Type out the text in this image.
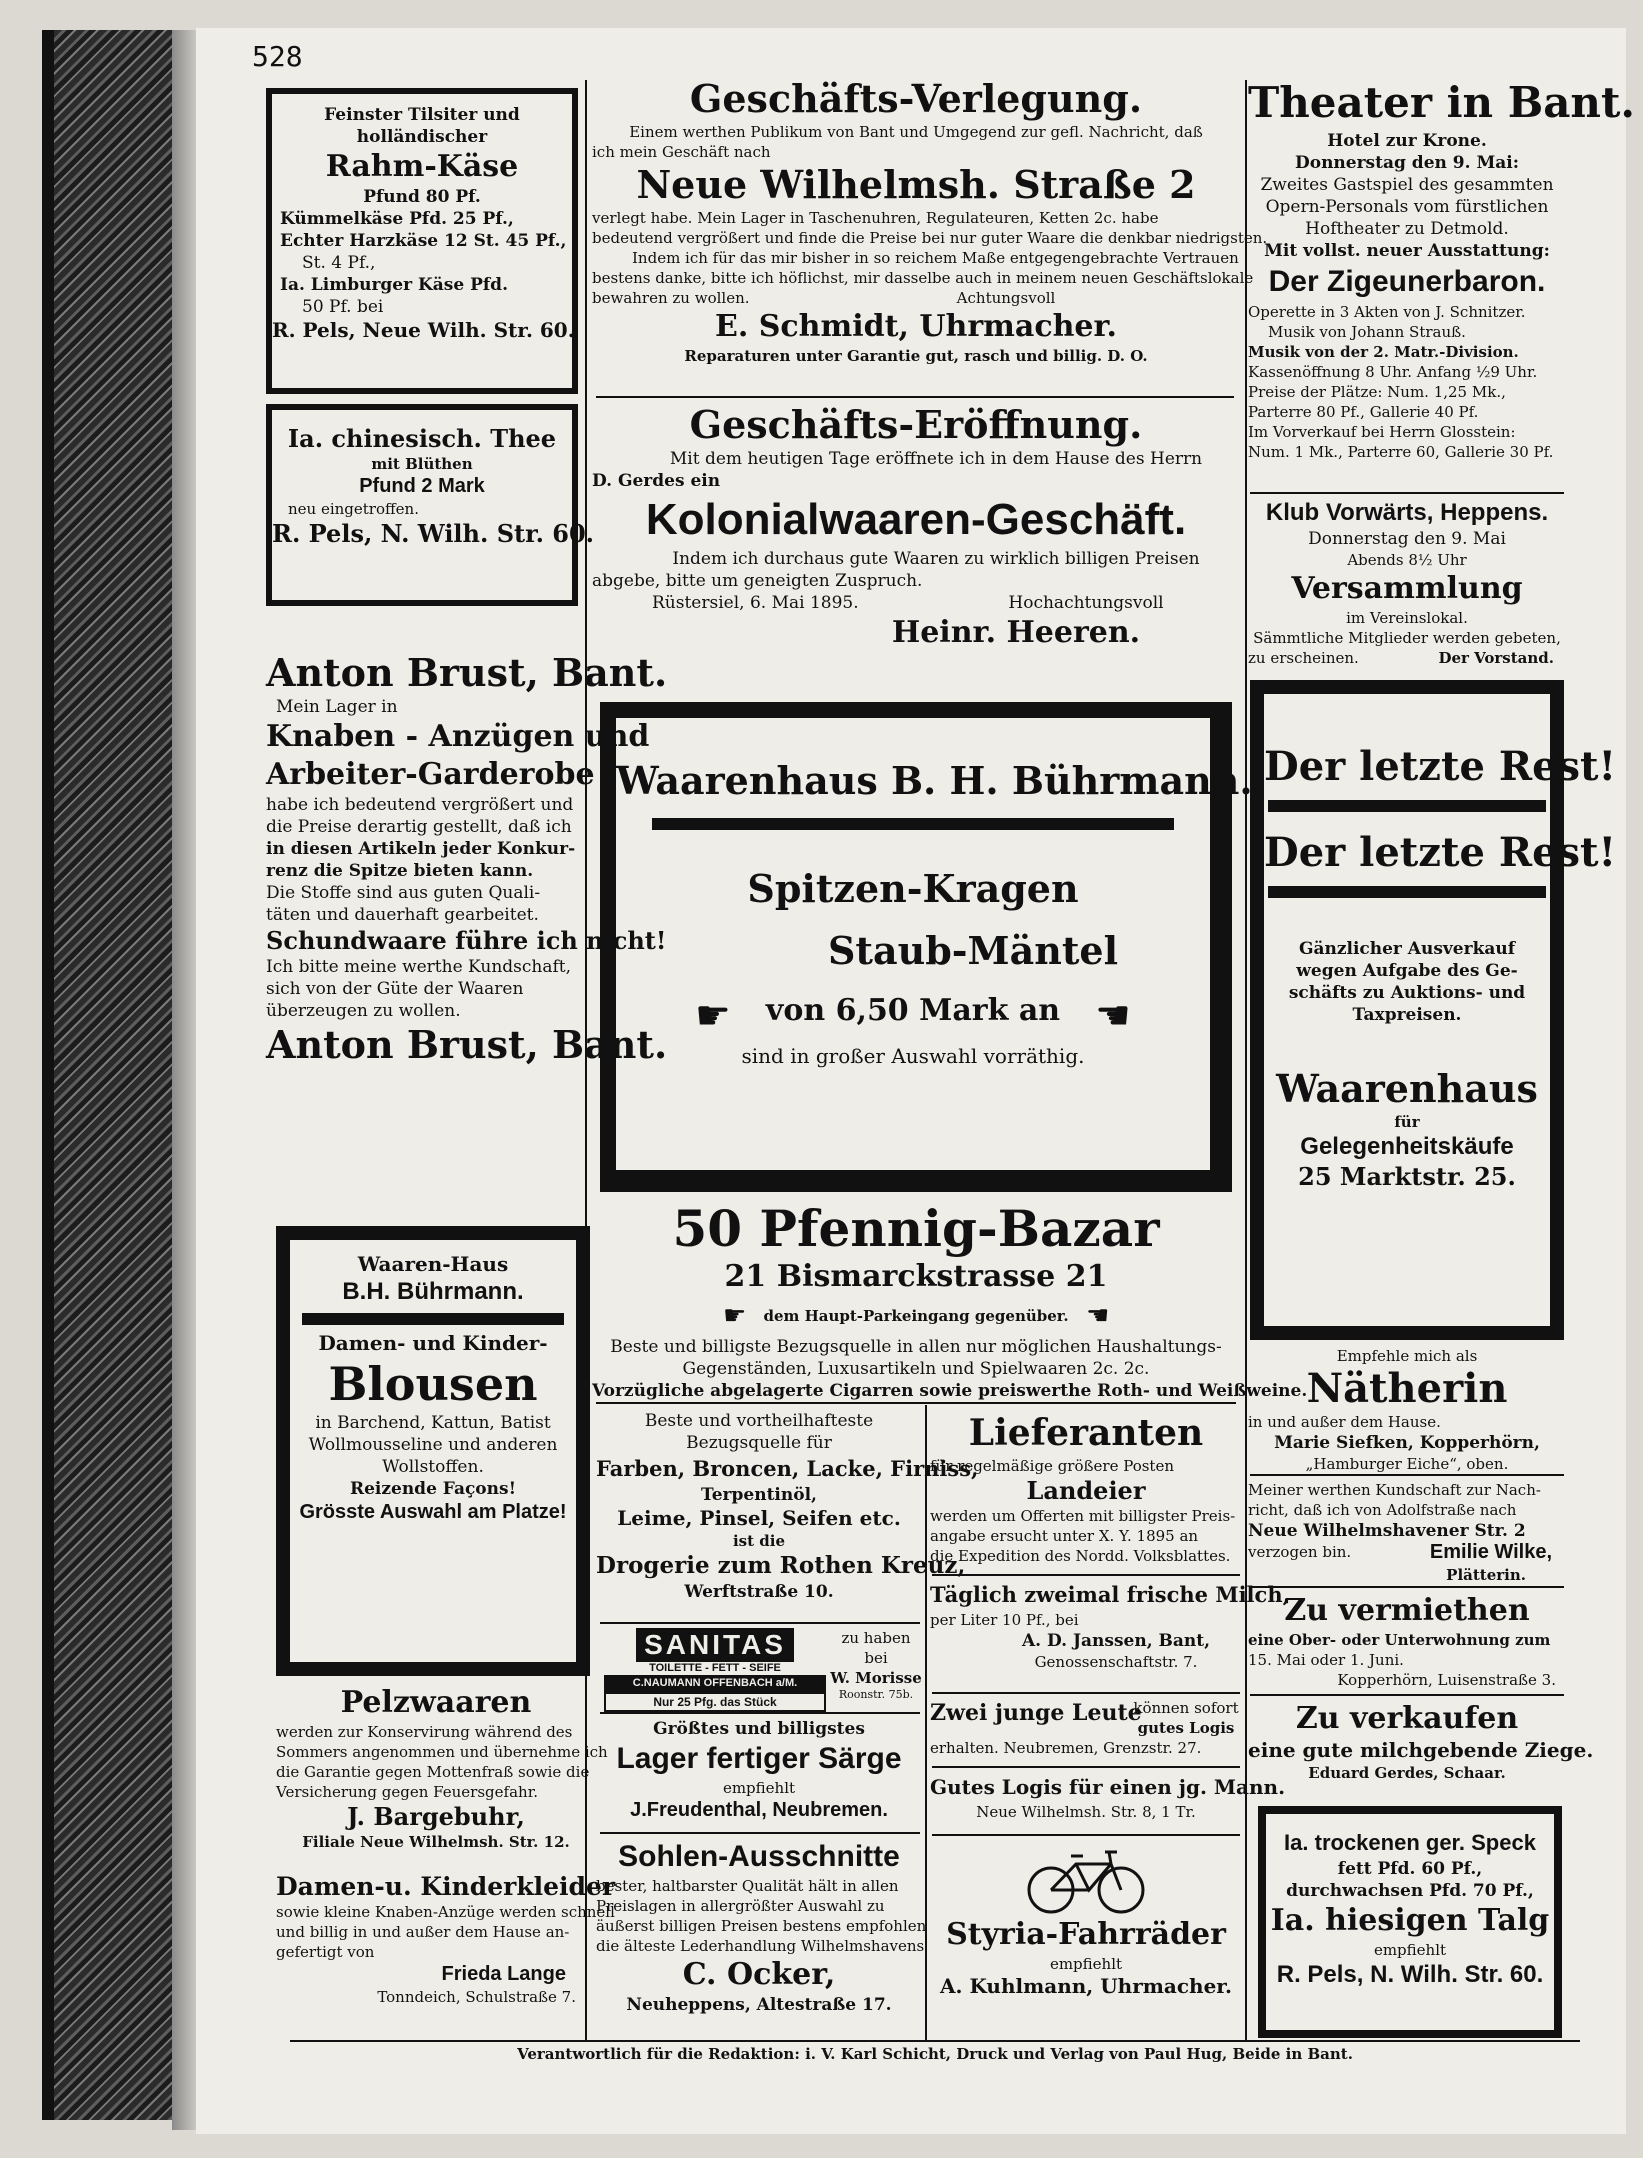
528
Feinster Tilsiter und
holländischer
Rahm-Käse
Pfund 80 Pf.
Kümmelkäse Pfd. 25 Pf.,
Echter Harzkäse 12 St. 45 Pf.,
St. 4 Pf.,
Ia. Limburger Käse Pfd.
50 Pf. bei
R. Pels, Neue Wilh. Str. 60.
Ia. chinesisch. Thee
mit Blüthen
Pfund 2 Mark
neu eingetroffen.
R. Pels, N. Wilh. Str. 60.
Anton Brust, Bant.
Mein Lager in
Knaben - Anzügen und
Arbeiter-Garderobe
habe ich bedeutend vergrößert und
die Preise derartig gestellt, daß ich
in diesen Artikeln jeder Konkur-
renz die Spitze bieten kann.
Die Stoffe sind aus guten Quali-
täten und dauerhaft gearbeitet.
Schundwaare führe ich nicht!
Ich bitte meine werthe Kundschaft,
sich von der Güte der Waaren
überzeugen zu wollen.
Anton Brust, Bant.
Waaren-Haus
B.H. Bührmann.
Damen- und Kinder-
Blousen
in Barchend, Kattun, Batist
Wollmousseline und anderen
Wollstoffen.
Reizende Façons!
Grösste Auswahl am Platze!
Pelzwaaren
werden zur Konservirung während des
Sommers angenommen und übernehme ich
die Garantie gegen Mottenfraß sowie die
Versicherung gegen Feuersgefahr.
J. Bargebuhr,
Filiale Neue Wilhelmsh. Str. 12.
Damen-u. Kinderkleider
sowie kleine Knaben-Anzüge werden schnell
und billig in und außer dem Hause an-
gefertigt von
Frieda Lange
Tonndeich, Schulstraße 7.
Geschäfts-Verlegung.
Einem werthen Publikum von Bant und Umgegend zur gefl. Nachricht, daß
ich mein Geschäft nach
Neue Wilhelmsh. Straße 2
verlegt habe. Mein Lager in Taschenuhren, Regulateuren, Ketten 2c. habe
bedeutend vergrößert und finde die Preise bei nur guter Waare die denkbar niedrigsten.
Indem ich für das mir bisher in so reichem Maße entgegengebrachte Vertrauen
bestens danke, bitte ich höflichst, mir dasselbe auch in meinem neuen Geschäftslokale
bewahren zu wollen.	Achtungsvoll
E. Schmidt, Uhrmacher.
Reparaturen unter Garantie gut, rasch und billig. D. O.
Geschäfts-Eröffnung.
Mit dem heutigen Tage eröffnete ich in dem Hause des Herrn
D. Gerdes ein
Kolonialwaaren-Geschäft.
Indem ich durchaus gute Waaren zu wirklich billigen Preisen
abgebe, bitte um geneigten Zuspruch.
Rüstersiel, 6. Mai 1895.	Hochachtungsvoll
Heinr. Heeren.
Waarenhaus B. H. Bührmann.
Spitzen-Kragen
Staub-Mäntel
☛ von 6,50 Mark an ☛
sind in großer Auswahl vorräthig.
50 Pfennig-Bazar
21 Bismarckstrasse 21
☛ dem Haupt-Parkeingang gegenüber. ☛
Beste und billigste Bezugsquelle in allen nur möglichen Haushaltungs-
Gegenständen, Luxusartikeln und Spielwaaren 2c. 2c.
Vorzügliche abgelagerte Cigarren sowie preiswerthe Roth- und Weißweine.
Beste und vortheilhafteste
Bezugsquelle für
Farben, Broncen, Lacke, Firniss,
Terpentinöl,
Leime, Pinsel, Seifen etc.
ist die
Drogerie zum Rothen Kreuz,
Werftstraße 10.
SANITAS
TOILETTE - FETT - SEIFE
C.NAUMANN OFFENBACH a/M.
Nur 25 Pfg. das Stück
zu haben
bei
W. Morisse
Roonstr. 75b.
Größtes und billigstes
Lager fertiger Särge
empfiehlt
J.Freudenthal, Neubremen.
Sohlen-Ausschnitte
bester, haltbarster Qualität hält in allen
Preislagen in allergrößter Auswahl zu
äußerst billigen Preisen bestens empfohlen
die älteste Lederhandlung Wilhelmshavens
C. Ocker,
Neuheppens, Altestraße 17.
Lieferanten
für regelmäßige größere Posten
Landeier
werden um Offerten mit billigster Preis-
angabe ersucht unter X. Y. 1895 an
die Expedition des Nordd. Volksblattes.
Täglich zweimal frische Milch,
per Liter 10 Pf., bei
A. D. Janssen, Bant,
Genossenschaftstr. 7.
Zwei junge Leute
können sofort
gutes Logis
erhalten. Neubremen, Grenzstr. 27.
Gutes Logis für einen jg. Mann.
Neue Wilhelmsh. Str. 8, 1 Tr.
Styria-Fahrräder
empfiehlt
A. Kuhlmann, Uhrmacher.
Theater in Bant.
Hotel zur Krone.
Donnerstag den 9. Mai:
Zweites Gastspiel des gesammten
Opern-Personals vom fürstlichen
Hoftheater zu Detmold.
Mit vollst. neuer Ausstattung:
Der Zigeunerbaron.
Operette in 3 Akten von J. Schnitzer.
Musik von Johann Strauß.
Musik von der 2. Matr.-Division.
Kassenöffnung 8 Uhr. Anfang ½9 Uhr.
Preise der Plätze: Num. 1,25 Mk.,
Parterre 80 Pf., Gallerie 40 Pf.
Im Vorverkauf bei Herrn Glosstein:
Num. 1 Mk., Parterre 60, Gallerie 30 Pf.
Klub Vorwärts, Heppens.
Donnerstag den 9. Mai
Abends 8½ Uhr
Versammlung
im Vereinslokal.
Sämmtliche Mitglieder werden gebeten,
zu erscheinen.	Der Vorstand.
Der letzte Rest!
Der letzte Rest!
Gänzlicher Ausverkauf
wegen Aufgabe des Ge-
schäfts zu Auktions- und
Taxpreisen.
Waarenhaus
für
Gelegenheitskäufe
25 Marktstr. 25.
Empfehle mich als
Nätherin
in und außer dem Hause.
Marie Siefken, Kopperhörn,
„Hamburger Eiche“, oben.
Meiner werthen Kundschaft zur Nach-
richt, daß ich von Adolfstraße nach
Neue Wilhelmshavener Str. 2
verzogen bin.	Emilie Wilke,
Plätterin.
Zu vermiethen
eine Ober- oder Unterwohnung zum
15. Mai oder 1. Juni.
Kopperhörn, Luisenstraße 3.
Zu verkaufen
eine gute milchgebende Ziege.
Eduard Gerdes, Schaar.
Ia. trockenen ger. Speck
fett Pfd. 60 Pf.,
durchwachsen Pfd. 70 Pf.,
Ia. hiesigen Talg
empfiehlt
R. Pels, N. Wilh. Str. 60.
Verantwortlich für die Redaktion: i. V. Karl Schicht, Druck und Verlag von Paul Hug, Beide in Bant.
